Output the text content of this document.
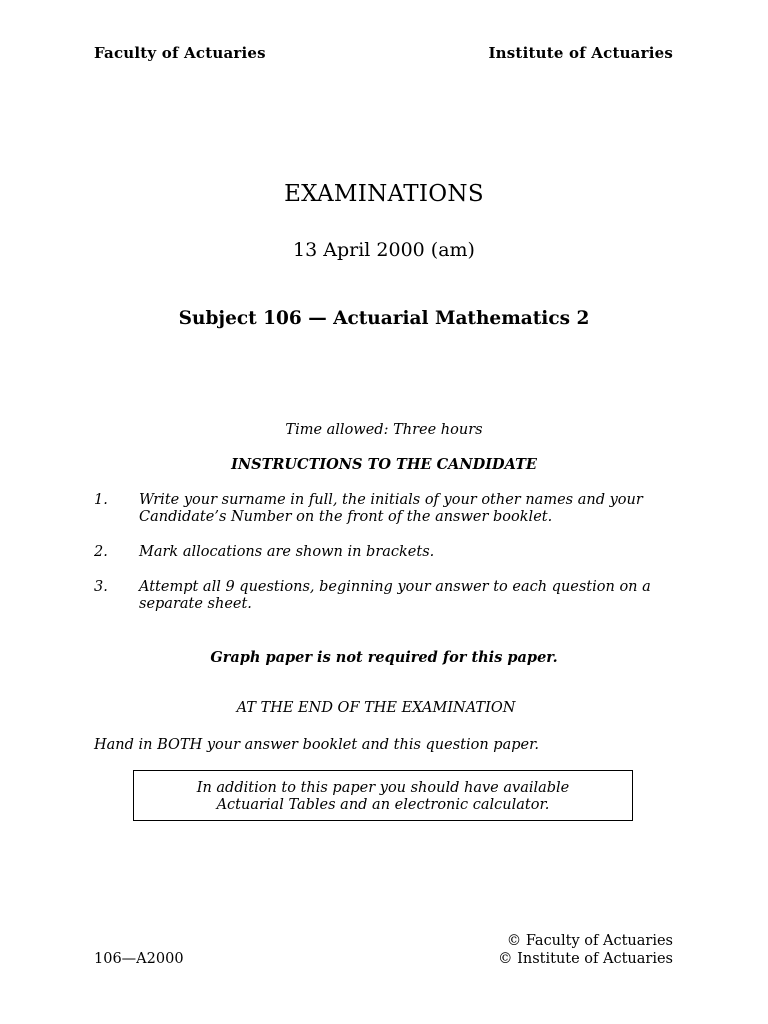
Faculty of Actuaries	Institute of Actuaries
EXAMINATIONS
13 April 2000 (am)
Subject 106 — Actuarial Mathematics 2
Time allowed: Three hours
INSTRUCTIONS TO THE CANDIDATE
1. Write your surname in full, the initials of your other names and your
Candidate’s Number on the front of the answer booklet.
2. Mark allocations are shown in brackets.
3. Attempt all 9 questions, beginning your answer to each question on a
separate sheet.
Graph paper is not required for this paper.
AT THE END OF THE EXAMINATION
Hand in BOTH your answer booklet and this question paper.
In addition to this paper you should have available
Actuarial Tables and an electronic calculator.
© Faculty of Actuaries
106—A2000	© Institute of Actuaries
